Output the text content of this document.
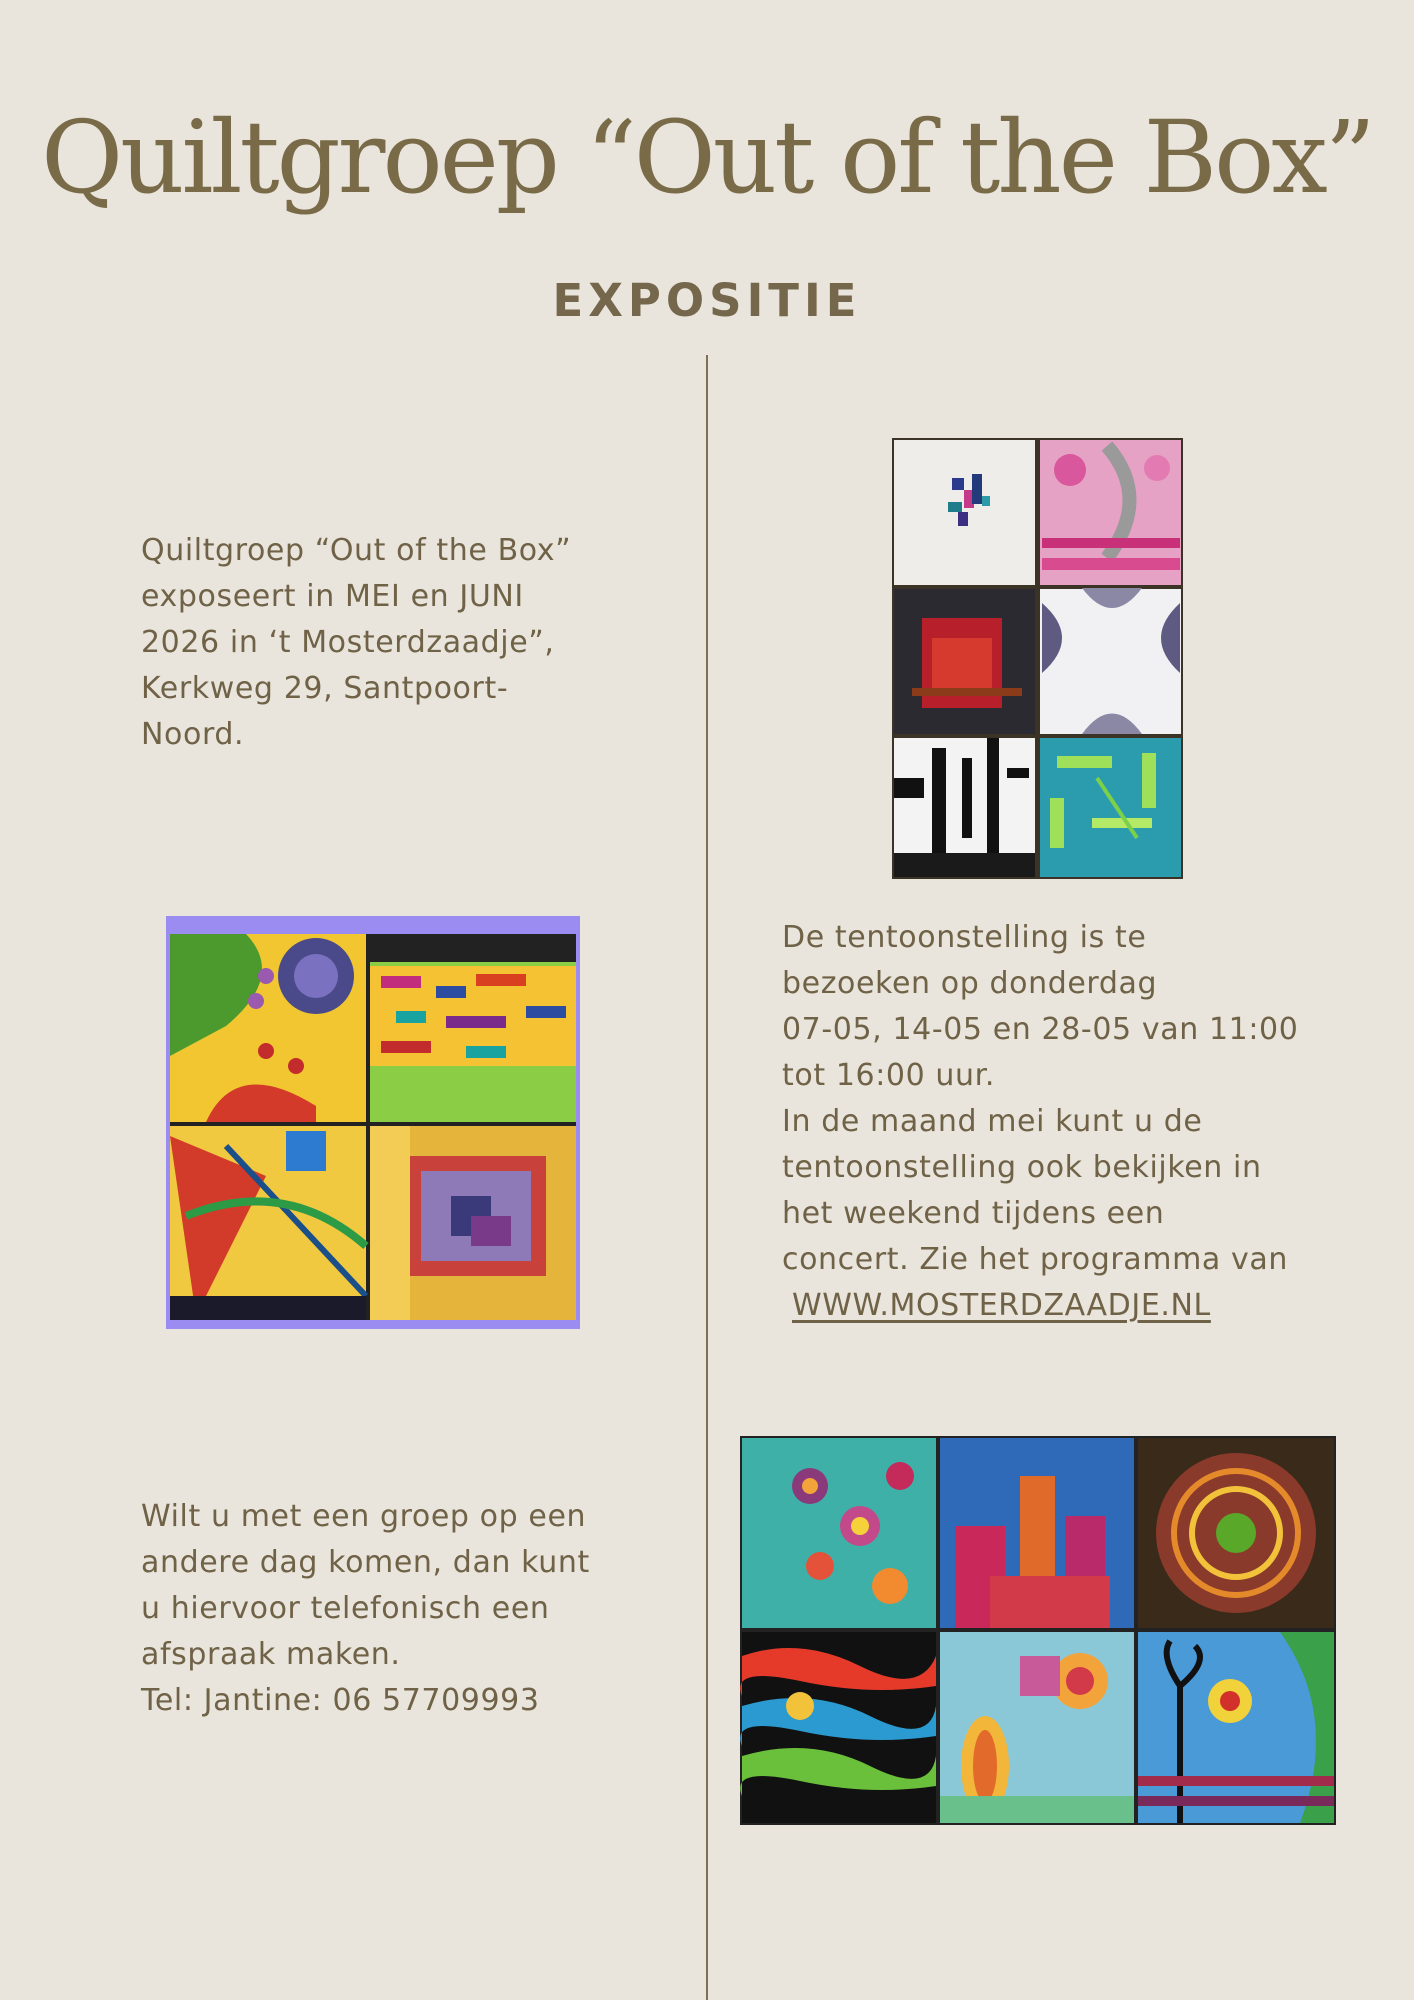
Quiltgroep “Out of the Box”
EXPOSITIE

Quiltgroep “Out of the Box”

exposeert in MEI en JUNI

2026 in ‘t Mosterdzaadje”,

Kerkweg 29, Santpoort-

Noord.

De tentoonstelling is te

bezoeken op donderdag

07-05, 14-05 en 28-05 van 11:00

tot 16:00 uur.

In de maand mei kunt u de

tentoonstelling ook bekijken in

het weekend tijdens een

concert. Zie het programma van

WWW.MOSTERDZAADJE.NL

Wilt u met een groep op een

andere dag komen, dan kunt

u hiervoor telefonisch een

afspraak maken.

Tel: Jantine: 06 57709993
